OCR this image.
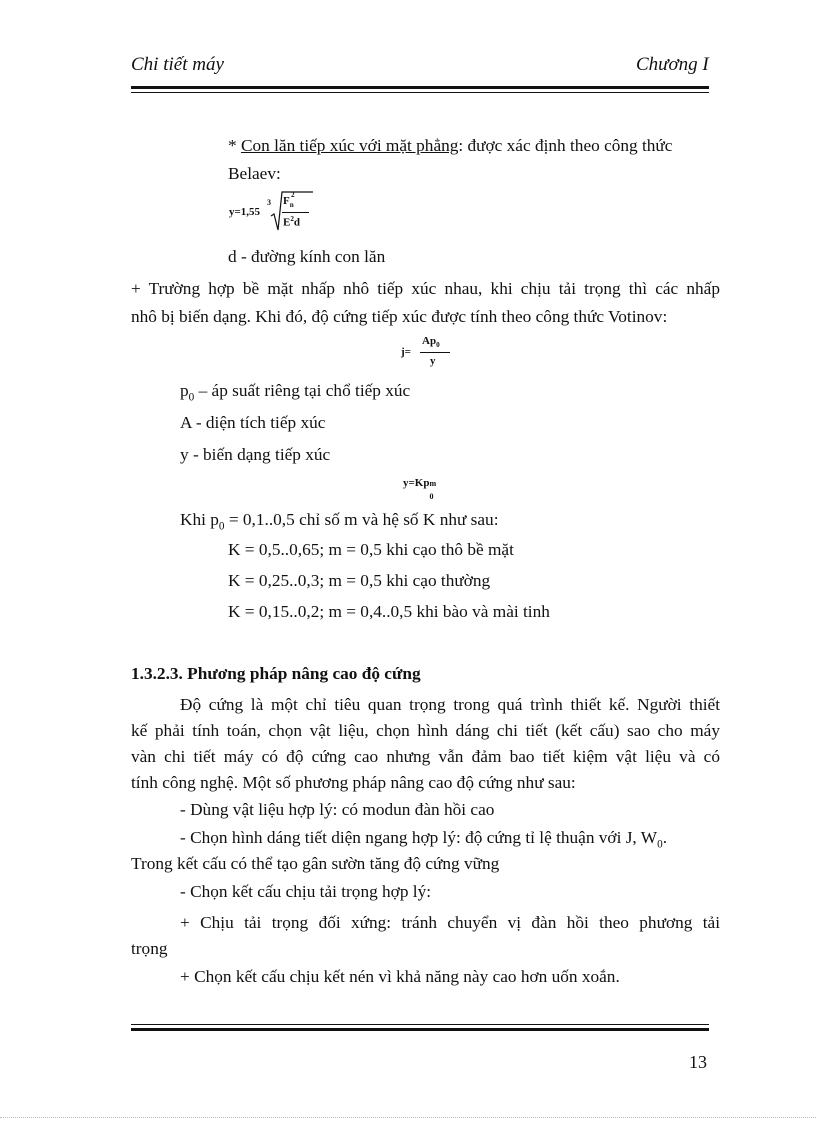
Chi tiết máy	Chương I
* Con lăn tiếp xúc với mặt phẳng: được xác định theo công thức
Belaev:
y=1,55
3 $F_n$
2
$E^2d$
d - đường kính con lăn
+ Trường hợp bề mặt nhấp nhô tiếp xúc nhau, khi chịu tải trọng thì các nhấp
nhô bị biến dạng. Khi đó, độ cứng tiếp xúc được tính theo công thức Votinov:
j=
$Ap_0$
y
$p_0$ – áp suất riêng tại chổ tiếp xúc
A - diện tích tiếp xúc
y - biến dạng tiếp xúc
y=Kp m
0
Khi $p_0 = 0,1..0,5$ chỉ số m và hệ số K như sau:
K = 0,5..0,65; m = 0,5 khi cạo thô bề mặt
K = 0,25..0,3; m = 0,5 khi cạo thường
K = 0,15..0,2; m = 0,4..0,5 khi bào và mài tinh
1.3.2.3. Phương pháp nâng cao độ cứng
Độ cứng là một chỉ tiêu quan trọng trong quá trình thiết kế. Người thiết
kế phải tính toán, chọn vật liệu, chọn hình dáng chi tiết (kết cấu) sao cho máy
vàn chi tiết máy có độ cứng cao nhưng vẫn đảm bao tiết kiệm vật liệu và có
tính công nghệ. Một số phương pháp nâng cao độ cứng như sau:
- Dùng vật liệu hợp lý: có modun đàn hồi cao
- Chọn hình dáng tiết diện ngang hợp lý: độ cứng tỉ lệ thuận với J, $W_0$.
Trong kết cấu có thể tạo gân sườn tăng độ cứng vững
- Chọn kết cấu chịu tải trọng hợp lý:
+ Chịu tải trọng đối xứng: tránh chuyển vị đàn hồi theo phương tải
trọng
+ Chọn kết cấu chịu kết nén vì khả năng này cao hơn uốn xoắn.
13
